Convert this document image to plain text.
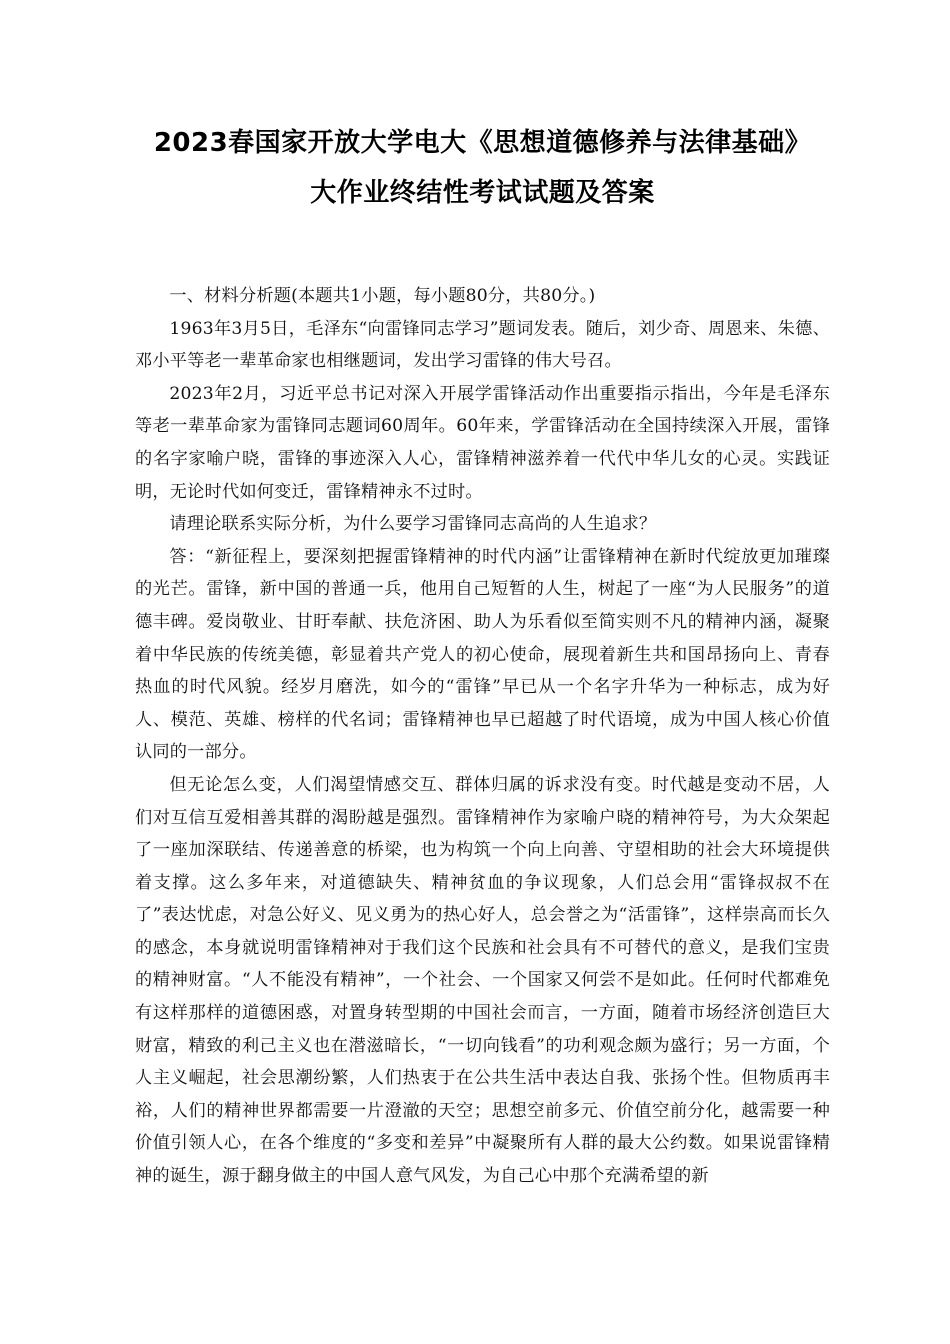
2023春国家开放大学电大《思想道德修养与法律基础》
大作业终结性考试试题及答案

一、材料分析题(本题共1小题，每小题80分，共80分。)

1963年3月5日，毛泽东“向雷锋同志学习”题词发表。随后，刘少奇、周恩来、朱德、邓小平等老一辈革命家也相继题词，发出学习雷锋的伟大号召。

2023年2月，习近平总书记对深入开展学雷锋活动作出重要指示指出，今年是毛泽东等老一辈革命家为雷锋同志题词60周年。60年来，学雷锋活动在全国持续深入开展，雷锋的名字家喻户晓，雷锋的事迹深入人心，雷锋精神滋养着一代代中华儿女的心灵。实践证明，无论时代如何变迁，雷锋精神永不过时。

请理论联系实际分析，为什么要学习雷锋同志高尚的人生追求？

答：“新征程上，要深刻把握雷锋精神的时代内涵”让雷锋精神在新时代绽放更加璀璨的光芒。雷锋，新中国的普通一兵，他用自己短暂的人生，树起了一座“为人民服务”的道德丰碑。爱岗敬业、甘盱奉献、扶危济困、助人为乐看似至简实则不凡的精神内涵，凝聚着中华民族的传统美德，彰显着共产党人的初心使命，展现着新生共和国昂扬向上、青春热血的时代风貌。经岁月磨洗，如今的“雷锋”早已从一个名字升华为一种标志，成为好人、模范、英雄、榜样的代名词；雷锋精神也早已超越了时代语境，成为中国人核心价值认同的一部分。

但无论怎么变，人们渴望情感交互、群体归属的诉求没有变。时代越是变动不居，人们对互信互爱相善其群的渴盼越是强烈。雷锋精神作为家喻户晓的精神符号，为大众架起了一座加深联结、传递善意的桥梁，也为构筑一个向上向善、守望相助的社会大环境提供着支撑。这么多年来，对道德缺失、精神贫血的争议现象，人们总会用“雷锋叔叔不在了”表达忧虑，对急公好义、见义勇为的热心好人，总会誉之为“活雷锋”，这样崇高而长久的感念，本身就说明雷锋精神对于我们这个民族和社会具有不可替代的意义，是我们宝贵的精神财富。“人不能没有精神”，一个社会、一个国家又何尝不是如此。任何时代都难免有这样那样的道德困惑，对置身转型期的中国社会而言，一方面，随着市场经济创造巨大财富，精致的利己主义也在潜滋暗长，“一切向钱看”的功利观念颇为盛行；另一方面，个人主义崛起，社会思潮纷繁，人们热衷于在公共生活中表达自我、张扬个性。但物质再丰裕，人们的精神世界都需要一片澄澈的天空；思想空前多元、价值空前分化，越需要一种价值引领人心，在各个维度的“多变和差异”中凝聚所有人群的最大公约数。如果说雷锋精神的诞生，源于翻身做主的中国人意气风发，为自己心中那个充满希望的新
